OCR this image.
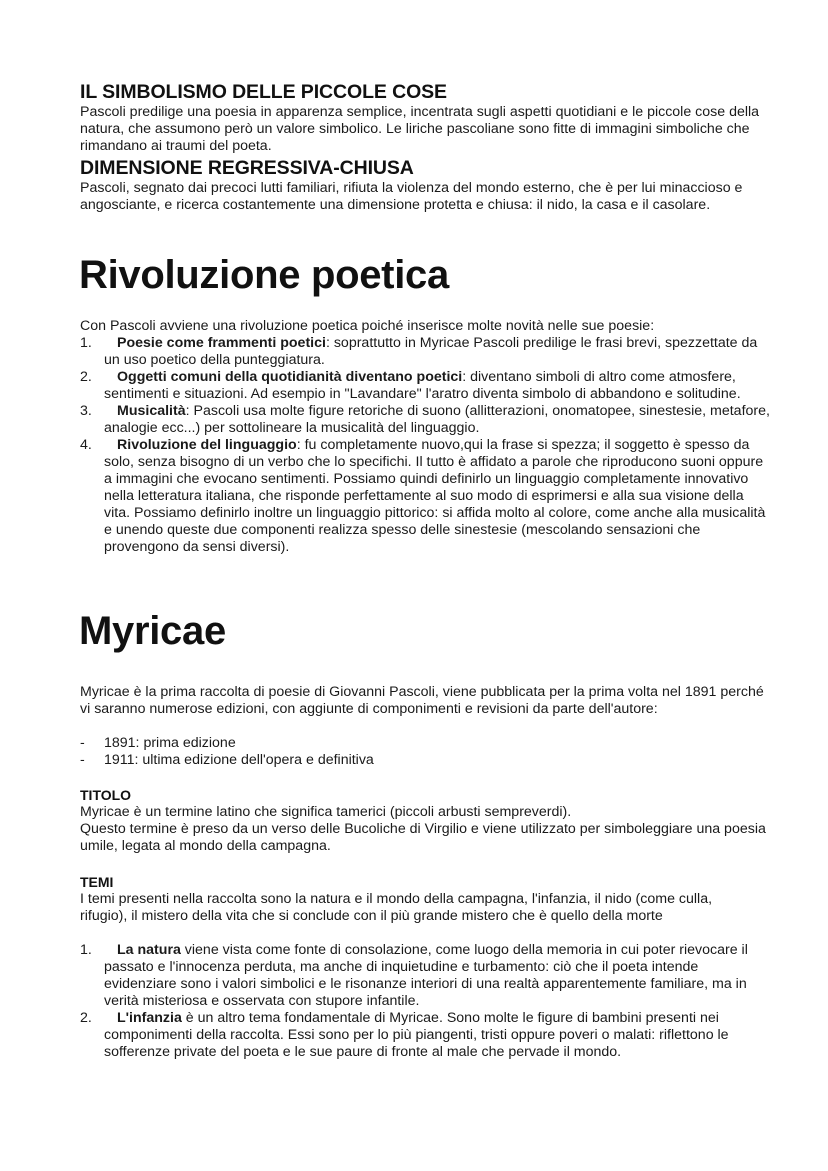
IL SIMBOLISMO DELLE PICCOLE COSE

Pascoli predilige una poesia in apparenza semplice, incentrata sugli aspetti quotidiani e le piccole cose della natura, che assumono però un valore simbolico. Le liriche pascoliane sono fitte di immagini simboliche che rimandano ai traumi del poeta.

DIMENSIONE REGRESSIVA-CHIUSA

Pascoli, segnato dai precoci lutti familiari, rifiuta la violenza del mondo esterno, che è per lui minaccioso e angosciante, e ricerca costantemente una dimensione protetta e chiusa: il nido, la casa e il casolare.

Rivoluzione poetica

Con Pascoli avviene una rivoluzione poetica poiché inserisce molte novità nelle sue poesie:

1. Poesie come frammenti poetici: soprattutto in Myricae Pascoli predilige le frasi brevi, spezzettate da un uso poetico della punteggiatura.
2. Oggetti comuni della quotidianità diventano poetici: diventano simboli di altro come atmosfere, sentimenti e situazioni. Ad esempio in "Lavandare" l'aratro diventa simbolo di abbandono e solitudine.
3. Musicalità: Pascoli usa molte figure retoriche di suono (allitterazioni, onomatopee, sinestesie, metafore, analogie ecc...) per sottolineare la musicalità del linguaggio.
4. Rivoluzione del linguaggio: fu completamente nuovo,qui la frase si spezza; il soggetto è spesso da solo, senza bisogno di un verbo che lo specifichi. Il tutto è affidato a parole che riproducono suoni oppure a immagini che evocano sentimenti. Possiamo quindi definirlo un linguaggio completamente innovativo nella letteratura italiana, che risponde perfettamente al suo modo di esprimersi e alla sua visione della vita. Possiamo definirlo inoltre un linguaggio pittorico: si affida molto al colore, come anche alla musicalità e unendo queste due componenti realizza spesso delle sinestesie (mescolando sensazioni che provengono da sensi diversi).
Myricae

Myricae è la prima raccolta di poesie di Giovanni Pascoli, viene pubblicata per la prima volta nel 1891 perché vi saranno numerose edizioni, con aggiunte di componimenti e revisioni da parte dell'autore:

- 1891: prima edizione
- 1911: ultima edizione dell'opera e definitiva
TITOLO

Myricae è un termine latino che significa tamerici (piccoli arbusti sempreverdi).

Questo termine è preso da un verso delle Bucoliche di Virgilio e viene utilizzato per simboleggiare una poesia umile, legata al mondo della campagna.

TEMI

I temi presenti nella raccolta sono la natura e il mondo della campagna, l'infanzia, il nido (come culla, rifugio), il mistero della vita che si conclude con il più grande mistero che è quello della morte

1. La natura viene vista come fonte di consolazione, come luogo della memoria in cui poter rievocare il passato e l'innocenza perduta, ma anche di inquietudine e turbamento: ciò che il poeta intende evidenziare sono i valori simbolici e le risonanze interiori di una realtà apparentemente familiare, ma in verità misteriosa e osservata con stupore infantile.
2. L'infanzia è un altro tema fondamentale di Myricae. Sono molte le figure di bambini presenti nei componimenti della raccolta. Essi sono per lo più piangenti, tristi oppure poveri o malati: riflettono le sofferenze private del poeta e le sue paure di fronte al male che pervade il mondo.
